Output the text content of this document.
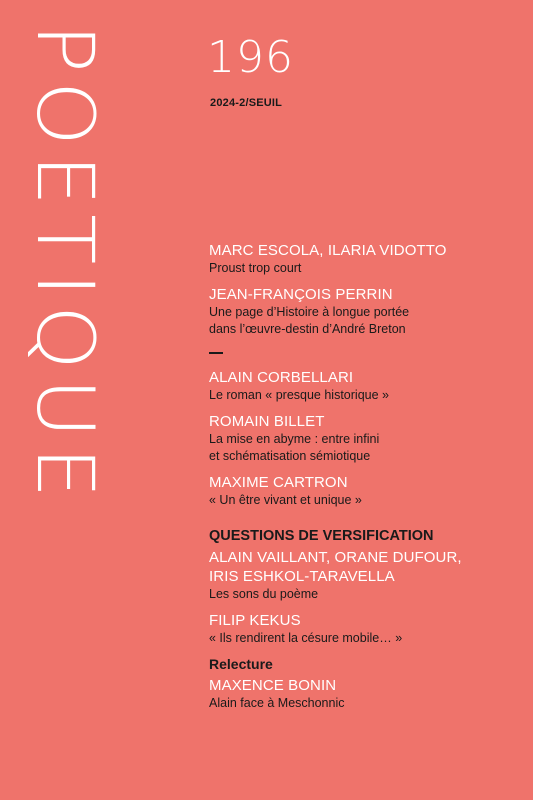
POETIQUE 196
2024-2/SEUIL
MARC ESCOLA, ILARIA VIDOTTO
Proust trop court
JEAN-FRANÇOIS PERRIN
Une page d’Histoire à longue portée
dans l’œuvre-destin d’André Breton
ALAIN CORBELLARI
Le roman « presque historique »
ROMAIN BILLET
La mise en abyme : entre infini
et schématisation sémiotique
MAXIME CARTRON
« Un être vivant et unique »
QUESTIONS DE VERSIFICATION
ALAIN VAILLANT, ORANE DUFOUR,
IRIS ESHKOL-TARAVELLA
Les sons du poème
FILIP KEKUS
« Ils rendirent la césure mobile… »
Relecture
MAXENCE BONIN
Alain face à Meschonnic
